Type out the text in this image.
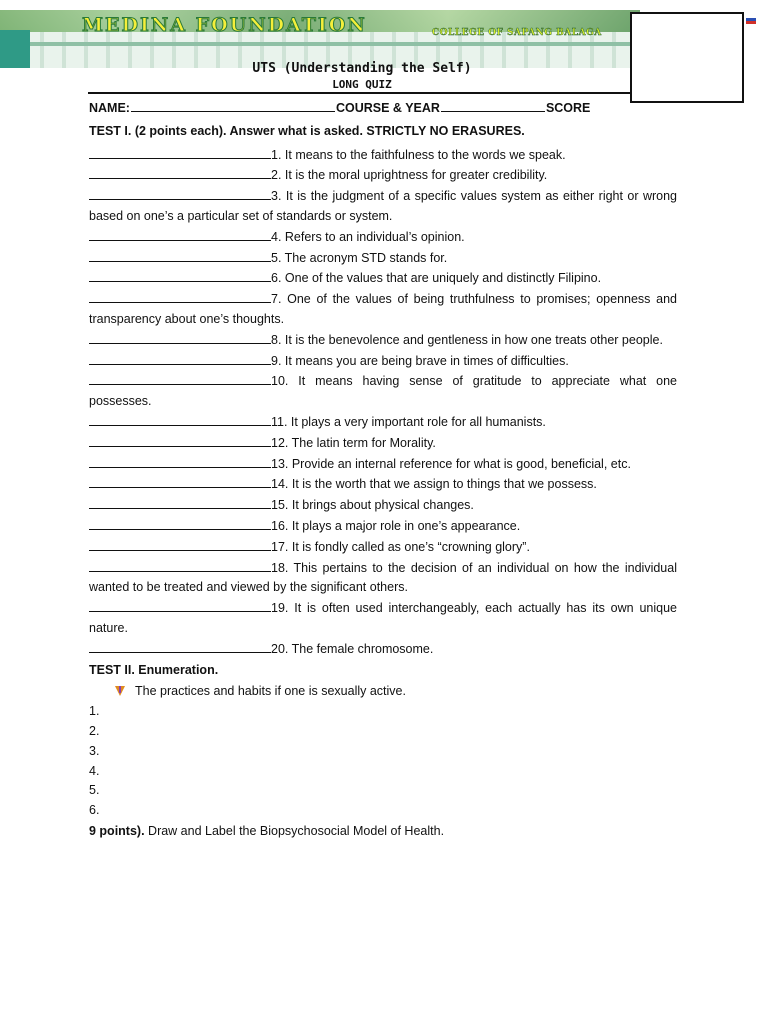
MEDINA FOUNDATION	COLLEGE OF SAPANG BALAGA
UTS (Understanding the Self)
LONG QUIZ
NAME:	COURSE & YEAR	SCORE
TEST I. (2 points each). Answer what is asked. STRICTLY NO ERASURES.
1. It means to the faithfulness to the words we speak.
2. It is the moral uprightness for greater credibility.
3. It is the judgment of a specific values system as either right or wrong based on one’s a particular set of standards or system.
4. Refers to an individual’s opinion.
5. The acronym STD stands for.
6. One of the values that are uniquely and distinctly Filipino.
7. One of the values of being truthfulness to promises; openness and transparency about one’s thoughts.
8. It is the benevolence and gentleness in how one treats other people.
9. It means you are being brave in times of difficulties.
10. It means having sense of gratitude to appreciate what one possesses.
11. It plays a very important role for all humanists.
12. The latin term for Morality.
13. Provide an internal reference for what is good, beneficial, etc.
14. It is the worth that we assign to things that we possess.
15. It brings about physical changes.
16. It plays a major role in one’s appearance.
17. It is fondly called as one’s “crowning glory”.
18. This pertains to the decision of an individual on how the individual wanted to be treated and viewed by the significant others.
19. It is often used interchangeably, each actually has its own unique nature.
20. The female chromosome.
TEST II. Enumeration.
The practices and habits if one is sexually active.
1.
2.
3.
4.
5.
6.
9 points). Draw and Label the Biopsychosocial Model of Health.
